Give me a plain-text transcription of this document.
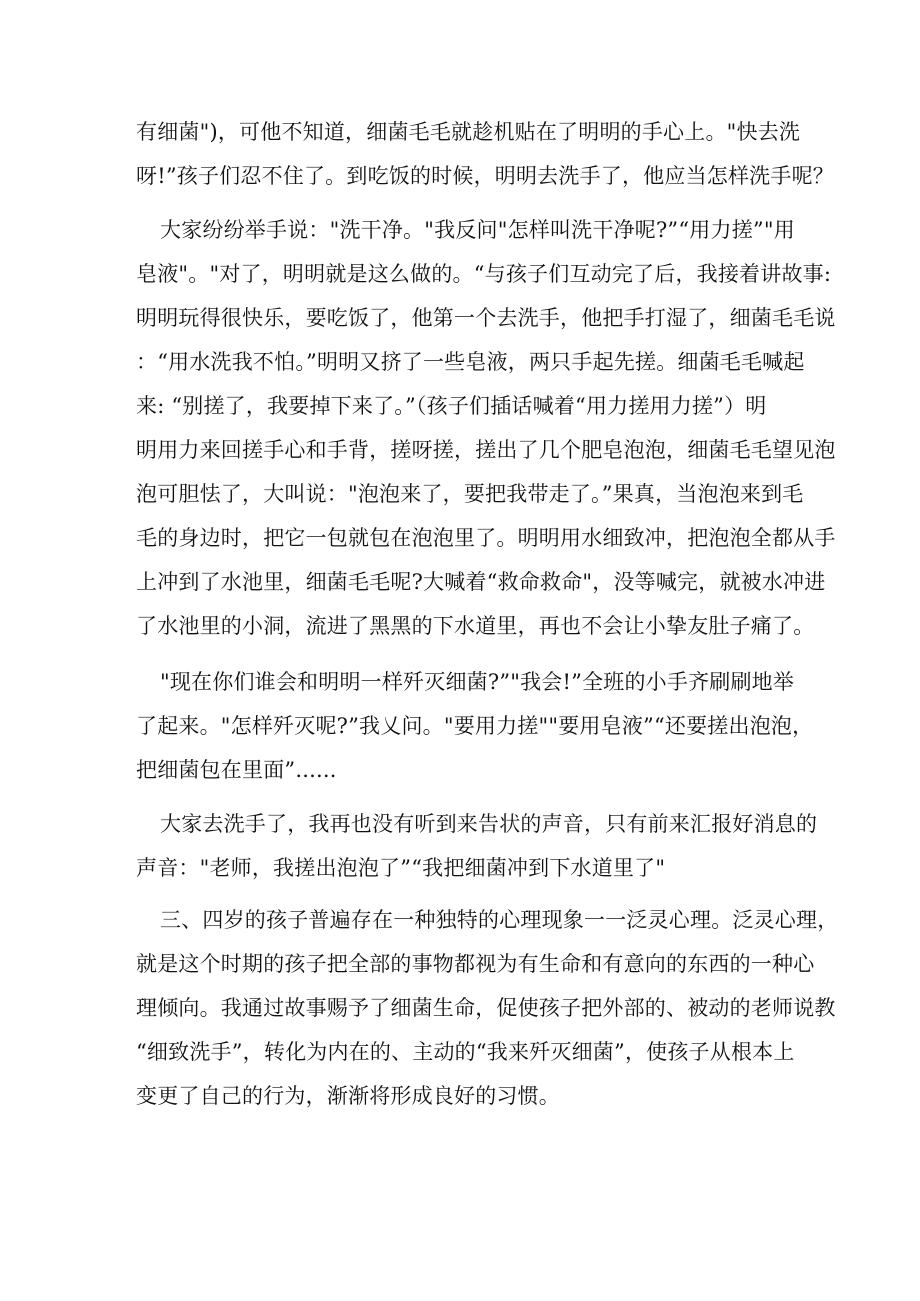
有细菌")，可他不知道，细菌毛毛就趁机贴在了明明的手心上。"快去洗
呀!”孩子们忍不住了。到吃饭的时候，明明去洗手了，他应当怎样洗手呢？
大家纷纷举手说："洗干净。"我反问"怎样叫洗干净呢?”“用力搓”"用
皂液"。"对了，明明就是这么做的。“与孩子们互动完了后，我接着讲故事:
明明玩得很快乐，要吃饭了，他第一个去洗手，他把手打湿了，细菌毛毛说
：“用水洗我不怕。”明明又挤了一些皂液，两只手起先搓。细菌毛毛喊起
来: “别搓了，我要掉下来了。”（孩子们插话喊着“用力搓用力搓”）明
明用力来回搓手心和手背，搓呀搓，搓出了几个肥皂泡泡，细菌毛毛望见泡
泡可胆怯了，大叫说："泡泡来了，要把我带走了。”果真，当泡泡来到毛
毛的身边时，把它一包就包在泡泡里了。明明用水细致冲，把泡泡全都从手
上冲到了水池里，细菌毛毛呢?大喊着“救命救命"，没等喊完，就被水冲进
了水池里的小洞，流进了黑黑的下水道里，再也不会让小挚友肚子痛了。
"现在你们谁会和明明一样歼灭细菌?”"我会!”全班的小手齐刷刷地举
了起来。"怎样歼灭呢?”我乂问。"要用力搓""要用皂液”“还要搓出泡泡，
把细菌包在里面”......
大家去洗手了，我再也没有听到来告状的声音，只有前来汇报好消息的
声音："老师，我搓出泡泡了”“我把细菌冲到下水道里了"
三、四岁的孩子普遍存在一种独特的心理现象一一泛灵心理。泛灵心理，
就是这个时期的孩子把全部的事物都视为有生命和有意向的东西的一种心
理倾向。我通过故事赐予了细菌生命，促使孩子把外部的、被动的老师说教
“细致洗手”，转化为内在的、主动的“我来歼灭细菌”，使孩子从根本上
变更了自己的行为，渐渐将形成良好的习惯。
